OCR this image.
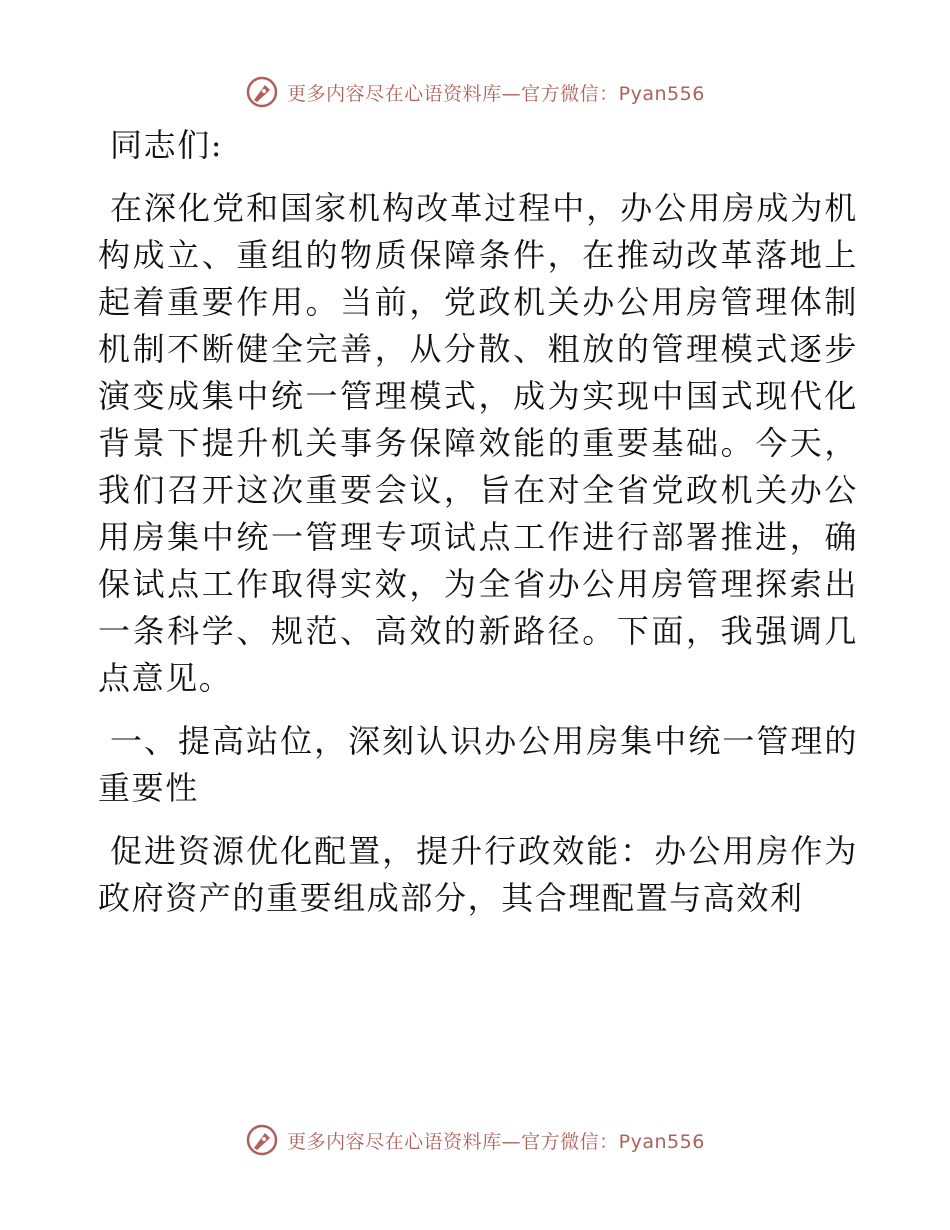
更多内容尽在心语资料库—官方微信：Pyan556

同志们:

在深化党和国家机构改革过程中，办公用房成为机构成立、重组的物质保障条件，在推动改革落地上起着重要作用。当前，党政机关办公用房管理体制机制不断健全完善，从分散、粗放的管理模式逐步演变成集中统一管理模式，成为实现中国式现代化背景下提升机关事务保障效能的重要基础。今天，我们召开这次重要会议，旨在对全省党政机关办公用房集中统一管理专项试点工作进行部署推进，确保试点工作取得实效，为全省办公用房管理探索出一条科学、规范、高效的新路径。下面，我强调几点意见。

一、提高站位，深刻认识办公用房集中统一管理的重要性

促进资源优化配置，提升行政效能：办公用房作为政府资产的重要组成部分，其合理配置与高效利

更多内容尽在心语资料库—官方微信：Pyan556
